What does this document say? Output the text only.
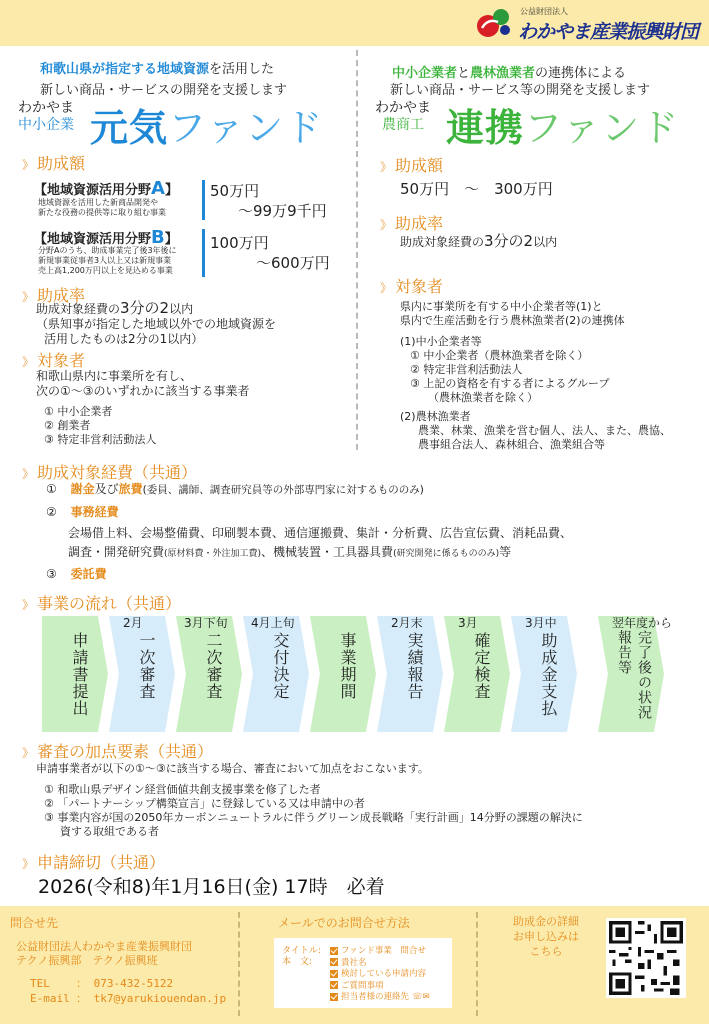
公益財団法人
わかやま産業振興財団
和歌山県が指定する地域資源を活用した
新しい商品・サービスの開発を支援します
わかやま
中小企業 元気ファンド
》 助成額
【地域資源活用分野A】
地域資源を活用した新商品開発や
新たな役務の提供等に取り組む事業
50万円
～99万9千円
【地域資源活用分野B】
分野Aのうち、助成事業完了後3年後に
新規事業従事者3人以上又は新規事業
売上高1,200万円以上を見込める事業
100万円
～600万円
》 助成率
助成対象経費の3分の2以内
（県知事が指定した地域以外での地域資源を
活用したものは2分の1以内）
》 対象者
和歌山県内に事業所を有し、
次の①～③のいずれかに該当する事業者
① 中小企業者
② 創業者
③ 特定非営利活動法人
中小企業者と農林漁業者の連携体による
新しい商品・サービス等の開発を支援します
わかやま
農商工 連携ファンド
》 助成額
50万円　～　300万円
》 助成率
助成対象経費の3分の2以内
》 対象者
県内に事業所を有する中小企業者等(1)と
県内で生産活動を行う農林漁業者(2)の連携体
(1)中小企業者等
① 中小企業者（農林漁業者を除く）
② 特定非営利活動法人
③ 上記の資格を有する者によるグループ
（農林漁業者を除く）
(2)農林漁業者
農業、林業、漁業を営む個人、法人、また、農協、
農事組合法人、森林組合、漁業組合等
》 助成対象経費（共通）
① 謝金及び旅費(委員、講師、調査研究員等の外部専門家に対するもののみ)
② 事務経費
会場借上料、会場整備費、印刷製本費、通信運搬費、集計・分析費、広告宣伝費、消耗品費、
調査・開発研究費(原材料費・外注加工費)、機械装置・工具器具費(研究開発に係るもののみ)等
③ 委託費
》 事業の流れ（共通）
申請書提出	一次審査
2月
二次審査
3月下旬
交付決定
4月上旬
事業期間	実績報告
2月末
確定検査
3月
助成金支払
3月中
完了後の状況報告等
翌年度から
》 審査の加点要素（共通）
申請事業者が以下の①～③に該当する場合、審査において加点をおこないます。
① 和歌山県デザイン経営価値共創支援事業を修了した者
② 「パートナーシップ構築宣言」に登録している又は申請中の者
③ 事業内容が国の2050年カーボンニュートラルに伴うグリーン成長戦略「実行計画」14分野の課題の解決に
資する取組である者
》 申請締切（共通）
2026(令和8)年1月16日(金) 17時　必着
問合せ先
公益財団法人わかやま産業振興財団
テクノ振興部　テクノ振興班
TEL ： 073-432-5122
E-mail ： tk7@yarukiouendan.jp
メールでのお問合せ方法
タイトル:
本　文:
ファンド事業　問合せ
貴社名
検討している申請内容
ご質問事項
担当者様の連絡先 ☏✉
助成金の詳細
お申し込みは
こちら
